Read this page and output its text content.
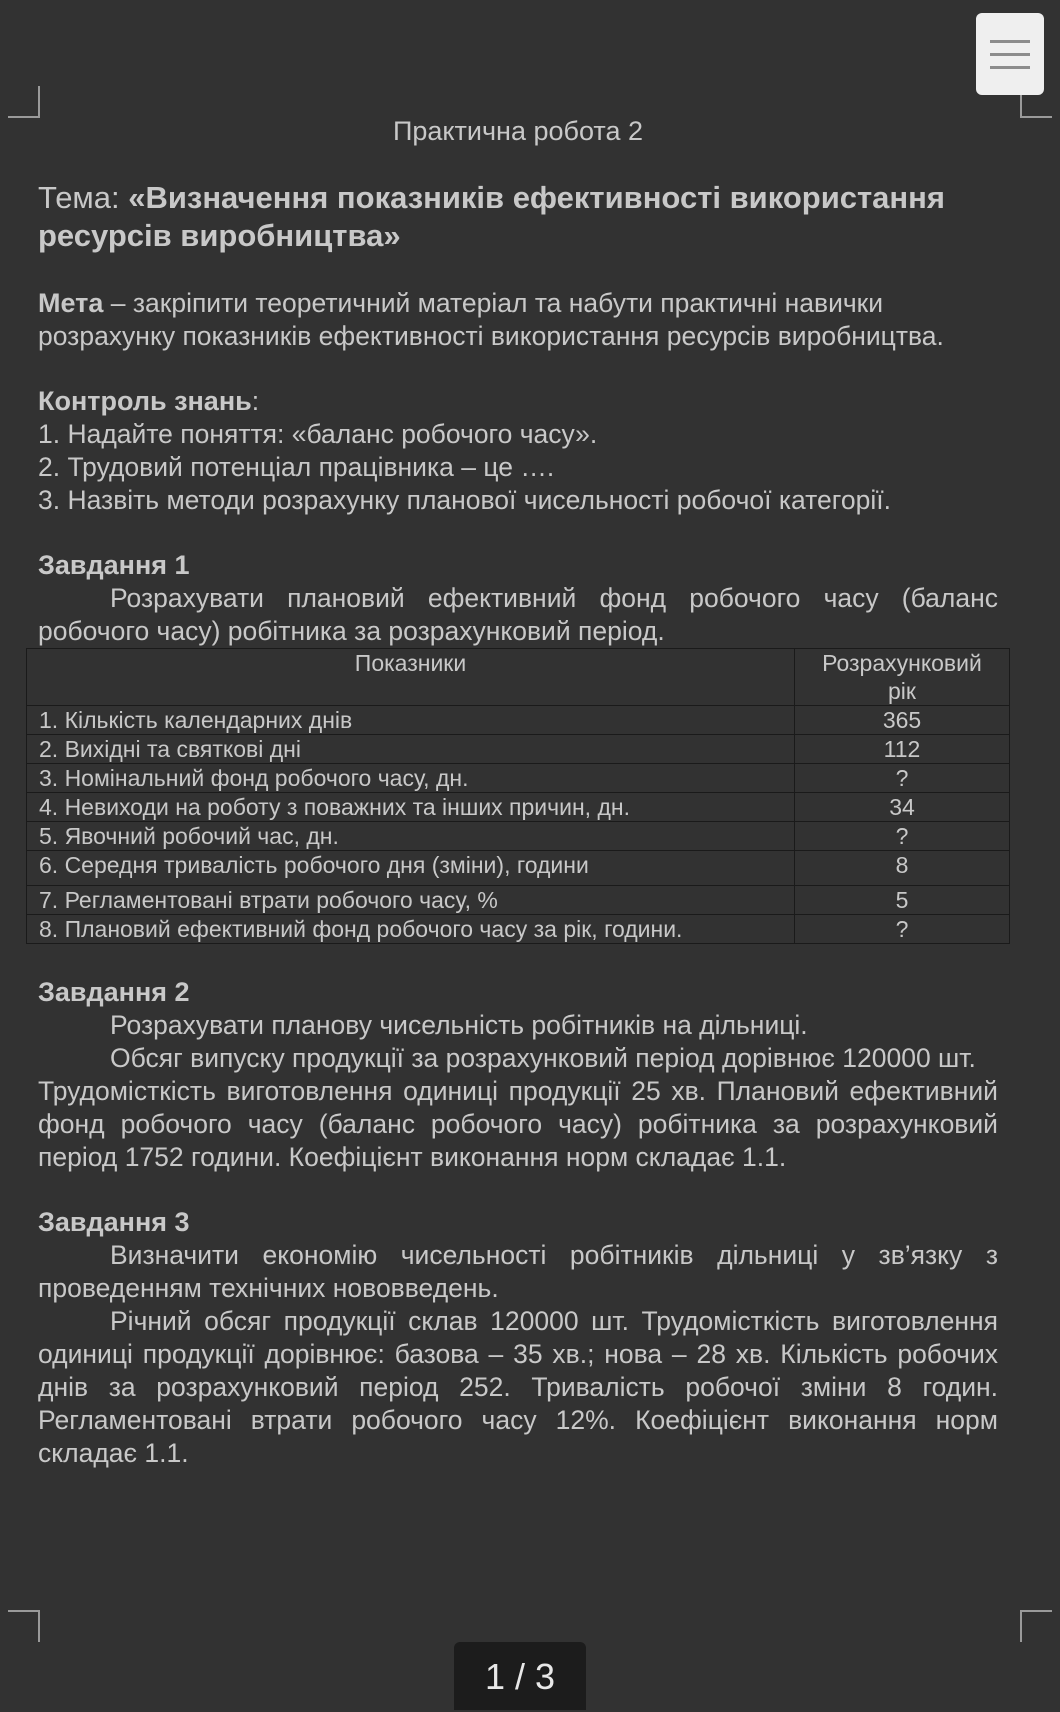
Практична робота 2
Тема: «Визначення показників ефективності використання ресурсів виробництва»
Мета – закріпити теоретичний матеріал та набути практичні навички розрахунку показників ефективності використання ресурсів виробництва.
Контроль знань:
1. Надайте поняття: «баланс робочого часу».
2. Трудовий потенціал працівника – це ….
3. Назвіть методи розрахунку планової чисельності робочої категорії.
Завдання 1
Розрахувати плановий ефективний фонд робочого часу (баланс робочого часу) робітника за розрахунковий період.
Показники	Розрахунковий рік
1. Кількість календарних днів	365
2. Вихідні та святкові дні	112
3. Номінальний фонд робочого часу, дн.	?
4. Невиходи на роботу з поважних та інших причин, дн.	34
5. Явочний робочий час, дн.	?
6. Середня тривалість робочого дня (зміни), години	8
7. Регламентовані втрати робочого часу, %	5
8. Плановий ефективний фонд робочого часу за рік, години.	?
Завдання 2
Розрахувати планову чисельність робітників на дільниці.
Обсяг випуску продукції за розрахунковий період дорівнює 120000 шт.
Трудомісткість виготовлення одиниці продукції 25 хв. Плановий ефективний фонд робочого часу (баланс робочого часу) робітника за розрахунковий період 1752 години. Коефіцієнт виконання норм складає 1.1.
Завдання 3
Визначити економію чисельності робітників дільниці у зв’язку з проведенням технічних нововведень.
Річний обсяг продукції склав 120000 шт. Трудомісткість виготовлення одиниці продукції дорівнює: базова – 35 хв.; нова – 28 хв. Кількість робочих днів за розрахунковий період 252. Тривалість робочої зміни 8 годин. Регламентовані втрати робочого часу 12%. Коефіцієнт виконання норм складає 1.1.
1 / 3
